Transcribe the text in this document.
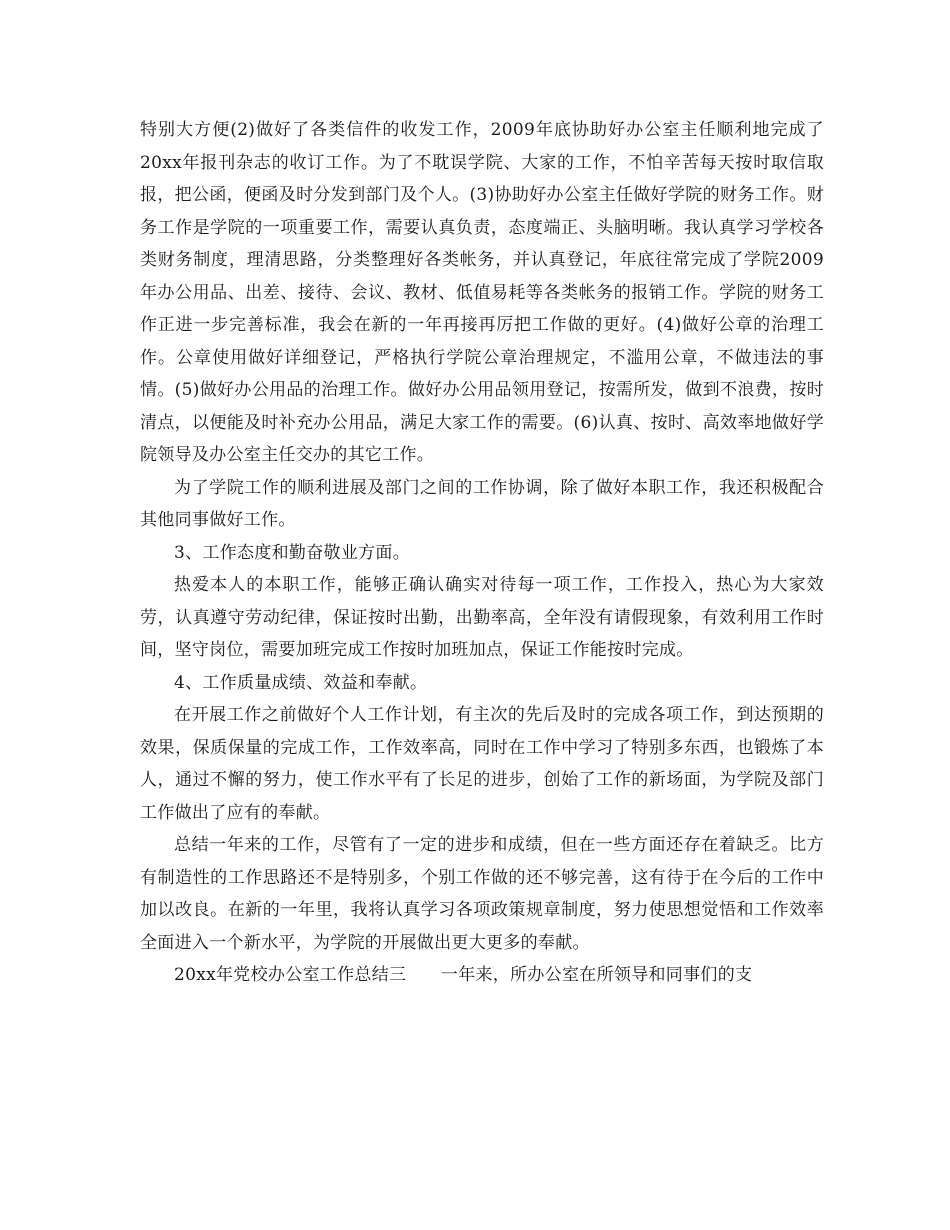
特别大方便(2)做好了各类信件的收发工作，2009年底协助好办公室主任顺利地完成了20xx年报刊杂志的收订工作。为了不耽误学院、大家的工作，不怕辛苦每天按时取信取报，把公函，便函及时分发到部门及个人。(3)协助好办公室主任做好学院的财务工作。财务工作是学院的一项重要工作，需要认真负责，态度端正、头脑明晰。我认真学习学校各类财务制度，理清思路，分类整理好各类帐务，并认真登记，年底往常完成了学院2009年办公用品、出差、接待、会议、教材、低值易耗等各类帐务的报销工作。学院的财务工作正进一步完善标准，我会在新的一年再接再厉把工作做的更好。(4)做好公章的治理工作。公章使用做好详细登记，严格执行学院公章治理规定，不滥用公章，不做违法的事情。(5)做好办公用品的治理工作。做好办公用品领用登记，按需所发，做到不浪费，按时清点，以便能及时补充办公用品，满足大家工作的需要。(6)认真、按时、高效率地做好学院领导及办公室主任交办的其它工作。

为了学院工作的顺利进展及部门之间的工作协调，除了做好本职工作，我还积极配合其他同事做好工作。

3、工作态度和勤奋敬业方面。

热爱本人的本职工作，能够正确认确实对待每一项工作，工作投入，热心为大家效劳，认真遵守劳动纪律，保证按时出勤，出勤率高，全年没有请假现象，有效利用工作时间，坚守岗位，需要加班完成工作按时加班加点，保证工作能按时完成。

4、工作质量成绩、效益和奉献。

在开展工作之前做好个人工作计划，有主次的先后及时的完成各项工作，到达预期的效果，保质保量的完成工作，工作效率高，同时在工作中学习了特别多东西，也锻炼了本人，通过不懈的努力，使工作水平有了长足的进步，创始了工作的新场面，为学院及部门工作做出了应有的奉献。

总结一年来的工作，尽管有了一定的进步和成绩，但在一些方面还存在着缺乏。比方有制造性的工作思路还不是特别多，个别工作做的还不够完善，这有待于在今后的工作中加以改良。在新的一年里，我将认真学习各项政策规章制度，努力使思想觉悟和工作效率全面进入一个新水平，为学院的开展做出更大更多的奉献。

20xx年党校办公室工作总结三　　一年来，所办公室在所领导和同事们的支
